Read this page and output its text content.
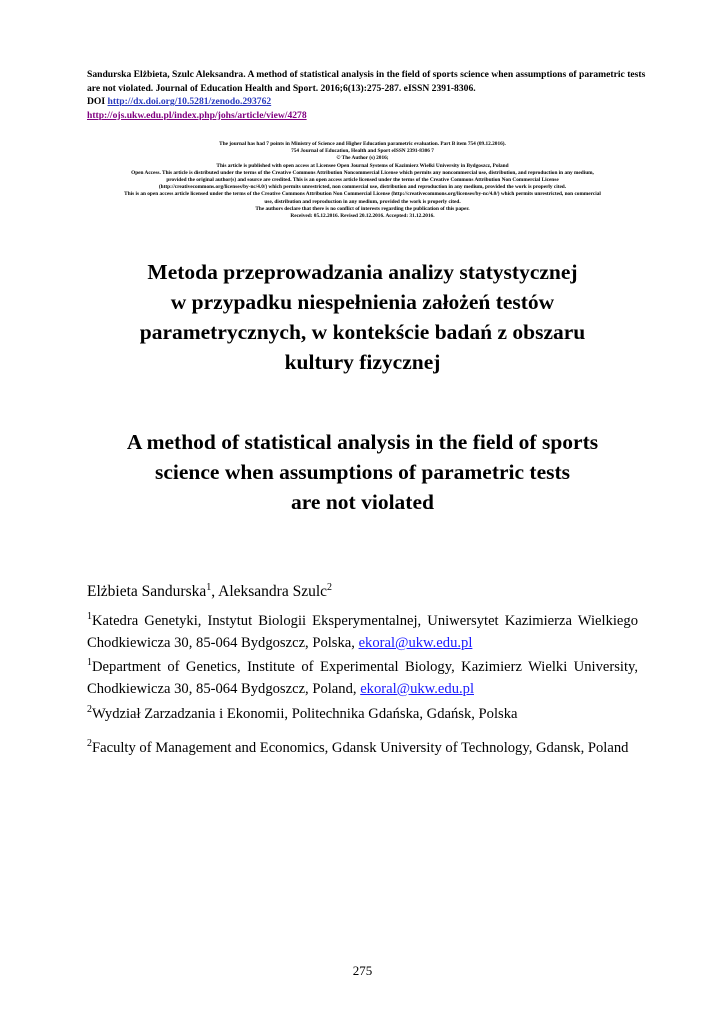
Sandurska Elżbieta, Szulc Aleksandra. A method of statistical analysis in the field of sports science when assumptions of parametric tests are not violated. Journal of Education Health and Sport. 2016;6(13):275-287. eISSN 2391-8306.
DOI http://dx.doi.org/10.5281/zenodo.293762
http://ojs.ukw.edu.pl/index.php/johs/article/view/4278
The journal has had 7 points in Ministry of Science and Higher Education parametric evaluation. Part B item 754 (09.12.2016).
754 Journal of Education, Health and Sport eISSN 2391-8306 7
© The Author (s) 2016;
This article is published with open access at Licensee Open Journal Systems of Kazimierz Wielki University in Bydgoszcz, Poland
Open Access. This article is distributed under the terms of the Creative Commons Attribution Noncommercial License which permits any noncommercial use, distribution, and reproduction in any medium,
provided the original author(s) and source are credited. This is an open access article licensed under the terms of the Creative Commons Attribution Non Commercial License
(http://creativecommons.org/licenses/by-nc/4.0/) which permits unrestricted, non commercial use, distribution and reproduction in any medium, provided the work is properly cited.
This is an open access article licensed under the terms of the Creative Commons Attribution Non Commercial License (http://creativecommons.org/licenses/by-nc/4.0/) which permits unrestricted, non commercial
use, distribution and reproduction in any medium, provided the work is properly cited.
The authors declare that there is no conflict of interests regarding the publication of this paper.
Received: 05.12.2016. Revised 20.12.2016. Accepted: 31.12.2016.
Metoda przeprowadzania analizy statystycznej
w przypadku niespełnienia założeń testów
parametrycznych, w kontekście badań z obszaru
kultury fizycznej
A method of statistical analysis in the field of sports
science when assumptions of parametric tests
are not violated
Elżbieta Sandurska$^1$, Aleksandra Szulc$^2$
$^1$Katedra Genetyki, Instytut Biologii Eksperymentalnej, Uniwersytet Kazimierza Wielkiego Chodkiewicza 30, 85-064 Bydgoszcz, Polska, ekoral@ukw.edu.pl
$^1$Department of Genetics, Institute of Experimental Biology, Kazimierz Wielki University, Chodkiewicza 30, 85-064 Bydgoszcz, Poland, ekoral@ukw.edu.pl
$^2$Wydział Zarzadzania i Ekonomii, Politechnika Gdańska, Gdańsk, Polska
$^2$Faculty of Management and Economics, Gdansk University of Technology, Gdansk, Poland
275
